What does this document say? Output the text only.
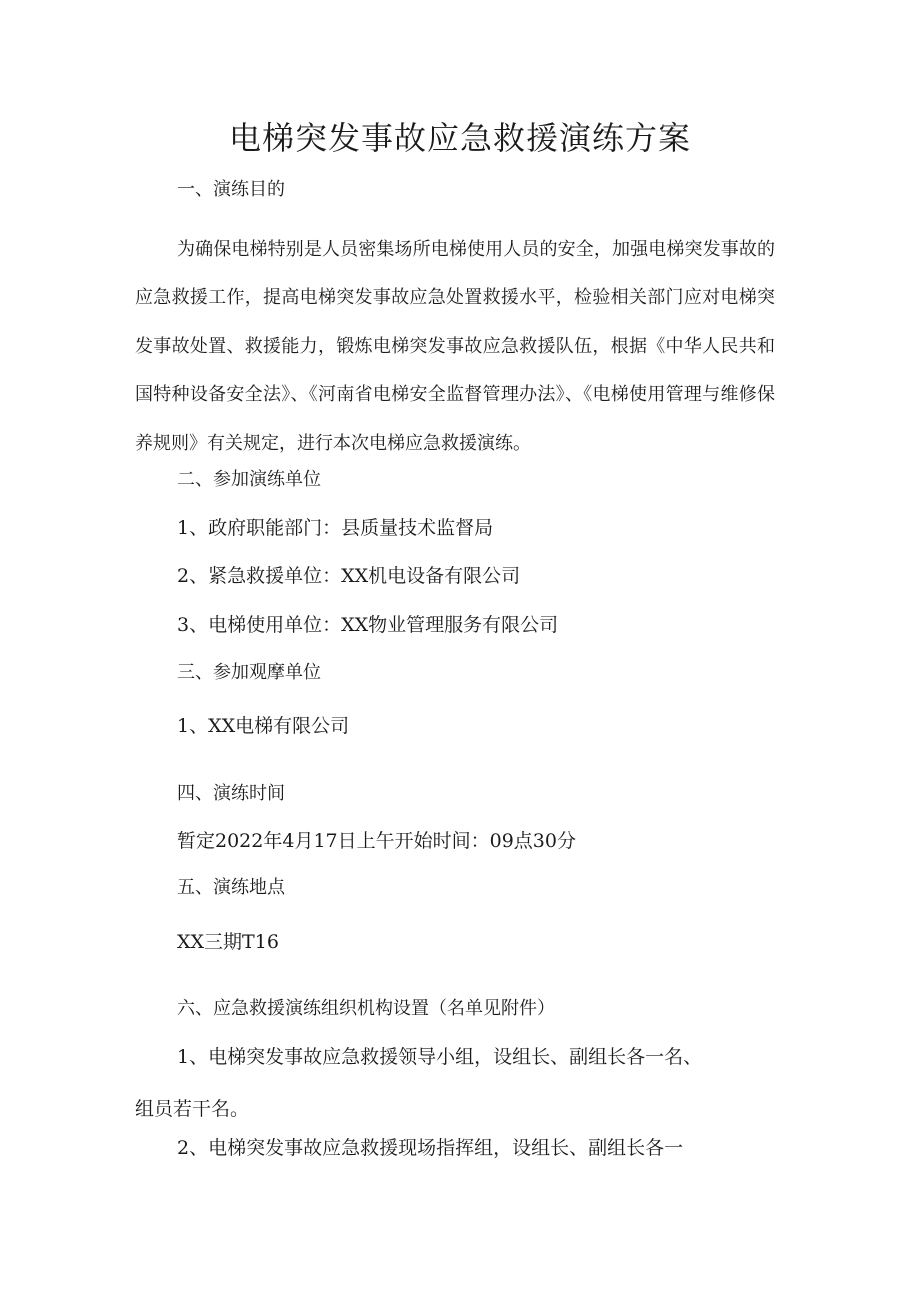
电梯突发事故应急救援演练方案

一、演练目的

为确保电梯特别是人员密集场所电梯使用人员的安全，加强电梯突发事故的应急救援工作，提高电梯突发事故应急处置救援水平，检验相关部门应对电梯突发事故处置、救援能力，锻炼电梯突发事故应急救援队伍，根据《中华人民共和国特种设备安全法》、《河南省电梯安全监督管理办法》、《电梯使用管理与维修保养规则》有关规定，进行本次电梯应急救援演练。

二、参加演练单位

1、政府职能部门：县质量技术监督局

2、紧急救援单位：XX机电设备有限公司

3、电梯使用单位：XX物业管理服务有限公司

三、参加观摩单位

1、XX电梯有限公司

四、演练时间

暂定2022年4月17日上午开始时间：09点30分

五、演练地点

XX三期T16

六、应急救援演练组织机构设置（名单见附件）

1、电梯突发事故应急救援领导小组，设组长、副组长各一名、

组员若干名。

2、电梯突发事故应急救援现场指挥组，设组长、副组长各一
